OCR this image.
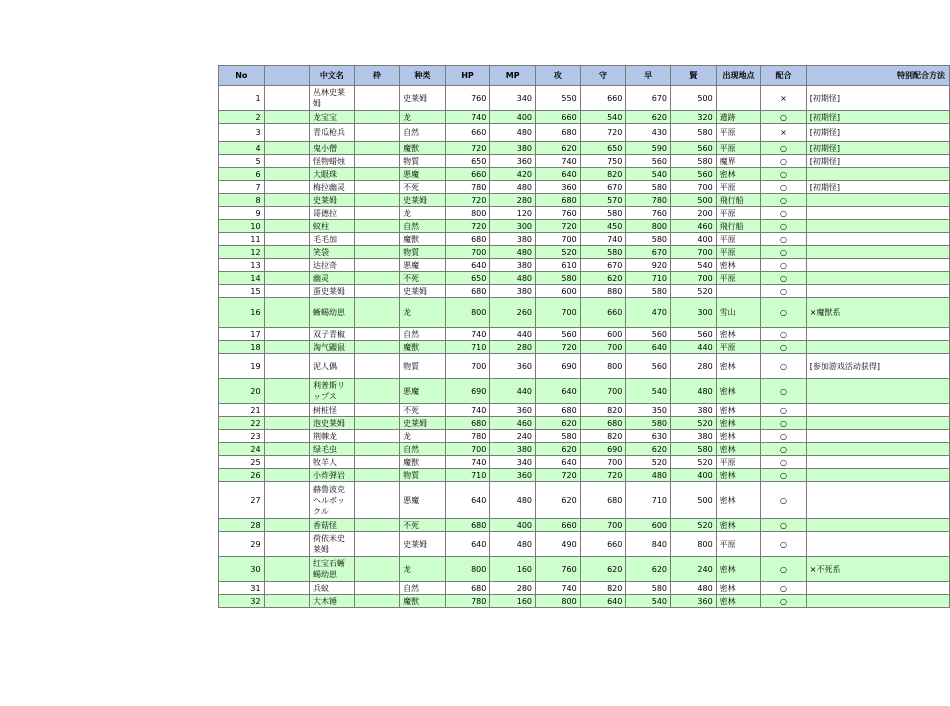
No		中文名	枠	种类	HP	MP	攻	守	早	賢	出现地点	配合	特别配合方法
1		丛林史莱姆		史莱姆	760	340	550	660	670	500		×	[初期怪]
2		龙宝宝		龙	740	400	660	540	620	320	遺跡	○	[初期怪]
3		青瓜枪兵		自然	660	480	680	720	430	580	平原	×	[初期怪]
4		鬼小僧		魔獣	720	380	620	650	590	560	平原	○	[初期怪]
5		怪物蜡烛		物質	650	360	740	750	560	580	魔界	○	[初期怪]
6		大眼珠		悪魔	660	420	640	820	540	560	密林	○	
7		梅拉幽灵		不死	780	480	360	670	580	700	平原	○	[初期怪]
8		史莱姆		史莱姆	720	280	680	570	780	500	飛行船	○	
9		哥德拉		龙	800	120	760	580	760	200	平原	○	
10		蚊柱		自然	720	300	720	450	800	460	飛行船	○	
11		毛毛加		魔獣	680	380	700	740	580	400	平原	○	
12		笑袋		物質	700	480	520	580	670	700	平原	○	
13		达拉奇		悪魔	640	380	610	670	920	540	密林	○	
14		幽灵		不死	650	480	580	620	710	700	平原	○	
15		蛋史莱姆		史莱姆	680	380	600	880	580	520		○	
16		蜥蜴幼崽		龙	800	260	700	660	470	300	雪山	○	×魔獣系
17		双子青椒		自然	740	440	560	600	560	560	密林	○	
18		淘气鼹鼠		魔獣	710	280	720	700	640	440	平原	○	
19		泥人偶		物質	700	360	690	800	560	280	密林	○	[参加游戏活动获得]
20		利普斯リップス		悪魔	690	440	640	700	540	480	密林	○	
21		树桩怪		不死	740	360	680	820	350	380	密林	○	
22		泡史莱姆		史莱姆	680	460	620	680	580	520	密林	○	
23		荆棘龙		龙	780	240	580	820	630	380	密林	○	
24		绿毛虫		自然	700	380	620	690	620	580	密林	○	
25		牧羊人		魔獣	740	340	640	700	520	520	平原	○	
26		小炸弹岩		物質	710	360	720	720	480	400	密林	○	
27		赫鲁波克ヘルボックル		悪魔	640	480	620	680	710	500	密林	○	
28		香菇怪		不死	680	400	660	700	600	520	密林	○	
29		荷依米史莱姆		史莱姆	640	480	490	660	840	800	平原	○	
30		红宝石蜥蜴幼崽		龙	800	160	760	620	620	240	密林	○	×不死系
31		兵蚁		自然	680	280	740	820	580	480	密林	○	
32		大木锤		魔獣	780	160	800	640	540	360	密林	○	
